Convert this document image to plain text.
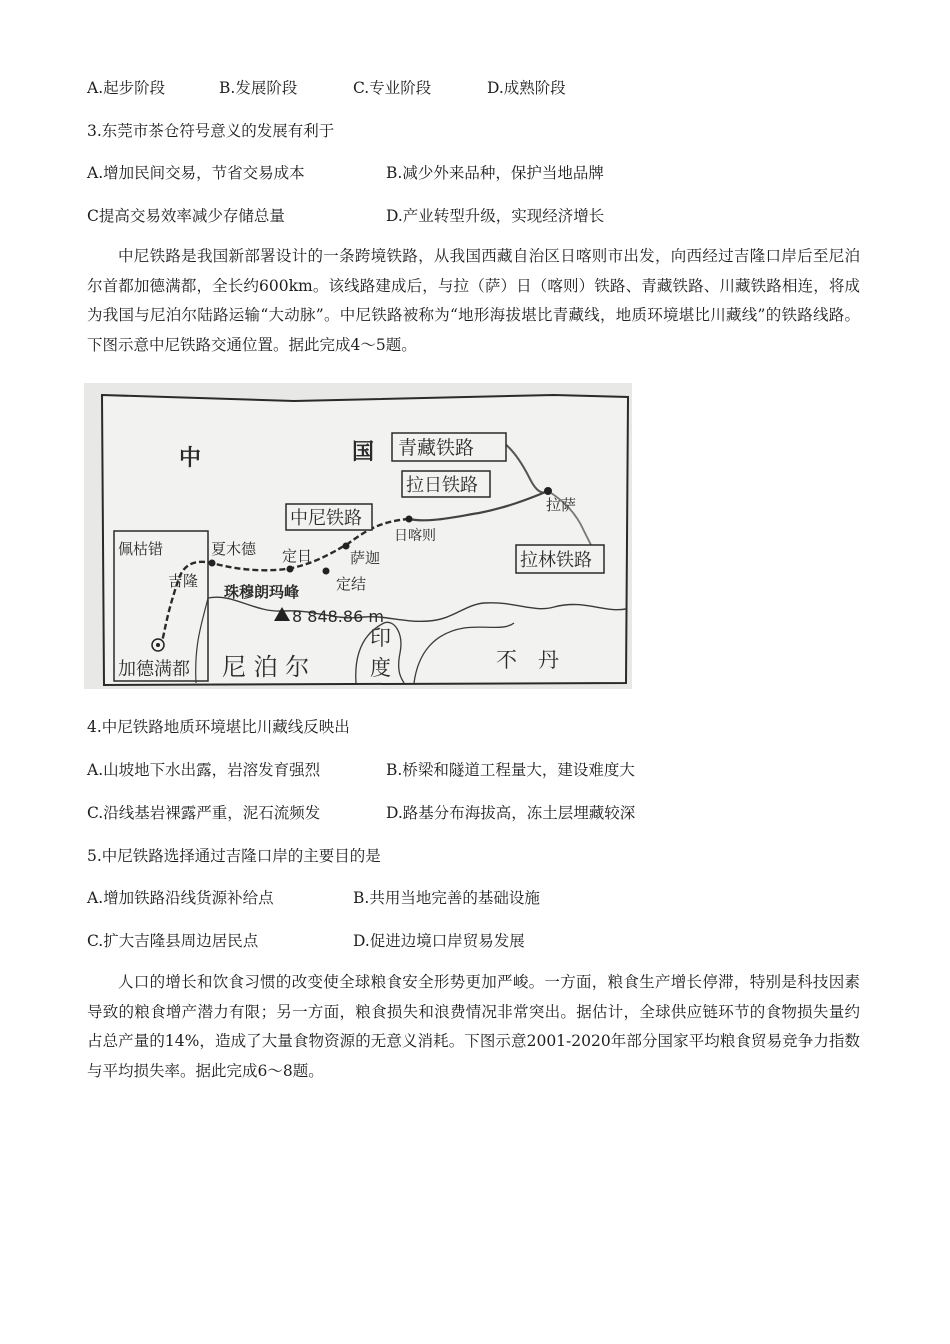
A.起步阶段	B.发展阶段	C.专业阶段	D.成熟阶段
3.东莞市茶仓符号意义的发展有利于
A.增加民间交易，节省交易成本	B.减少外来品种，保护当地品牌
C提高交易效率减少存储总量	D.产业转型升级，实现经济增长
中尼铁路是我国新部署设计的一条跨境铁路，从我国西藏自治区日喀则市出发，向西经过吉隆口岸后至尼泊尔首都加德满都，全长约600km。该线路建成后，与拉（萨）日（喀则）铁路、青藏铁路、川藏铁路相连，将成为我国与尼泊尔陆路运输“大动脉”。中尼铁路被称为“地形海拔堪比青藏线，地质环境堪比川藏线”的铁路线路。下图示意中尼铁路交通位置。据此完成4～5题。
中	国 青藏铁路
拉日铁路
拉萨
中尼铁路
日喀则
拉林铁路
佩枯错	夏木德 定日	萨迦
定结
吉隆
珠穆朗玛峰
8 848.86 m
加德满都 尼 泊 尔
印
度	不　丹
4.中尼铁路地质环境堪比川藏线反映出
A.山坡地下水出露，岩溶发育强烈	B.桥梁和隧道工程量大，建设难度大
C.沿线基岩裸露严重，泥石流频发	D.路基分布海拔高，冻土层埋藏较深
5.中尼铁路选择通过吉隆口岸的主要目的是
A.增加铁路沿线货源补给点	B.共用当地完善的基础设施
C.扩大吉隆县周边居民点	D.促进边境口岸贸易发展
人口的增长和饮食习惯的改变使全球粮食安全形势更加严峻。一方面，粮食生产增长停滞，特别是科技因素导致的粮食增产潜力有限；另一方面，粮食损失和浪费情况非常突出。据估计，全球供应链环节的食物损失量约占总产量的14%，造成了大量食物资源的无意义消耗。下图示意2001-2020年部分国家平均粮食贸易竞争力指数与平均损失率。据此完成6～8题。
